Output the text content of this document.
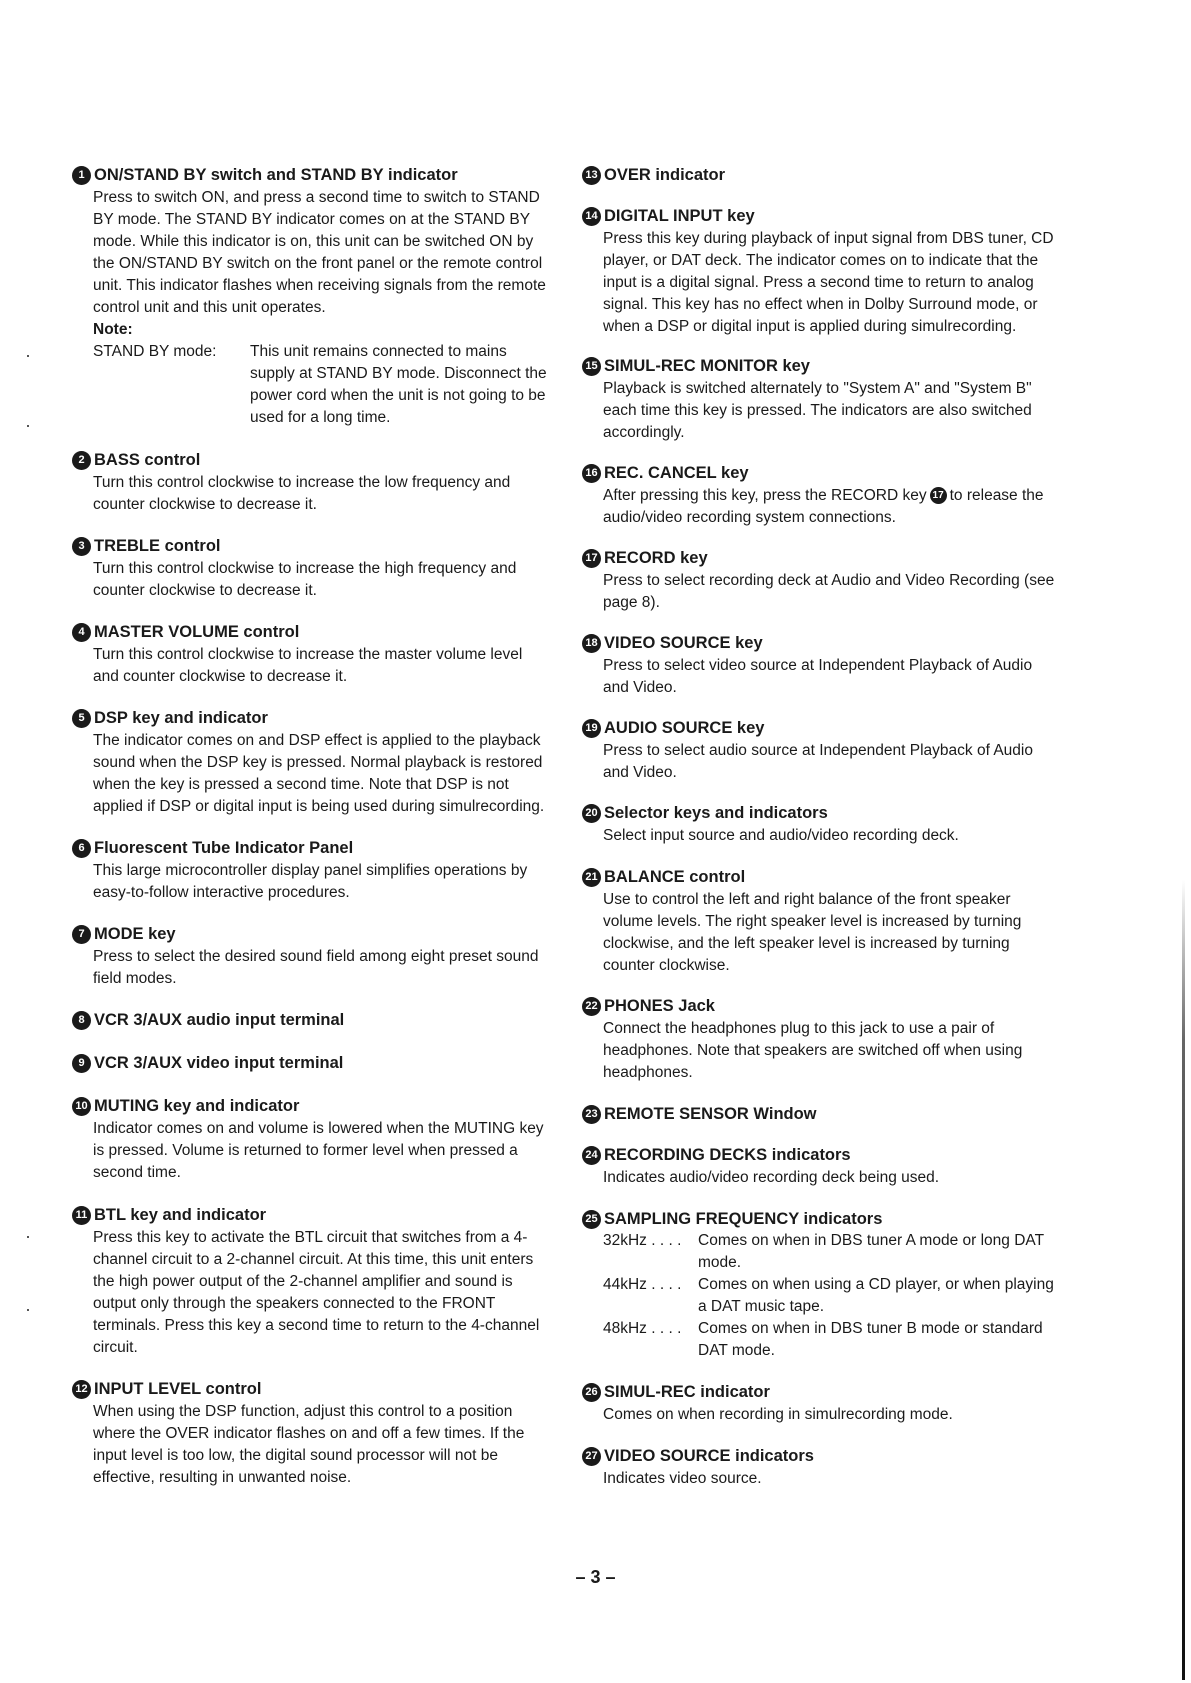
1 ON/STAND BY switch and STAND BY indicator
Press to switch ON, and press a second time to switch to STAND BY mode. The STAND BY indicator comes on at the STAND BY mode. While this indicator is on, this unit can be switched ON by the ON/STAND BY switch on the front panel or the remote control unit. This indicator flashes when receiving signals from the remote control unit and this unit operates.
Note:
STAND BY mode:	This unit remains connected to mains supply at STAND BY mode. Disconnect the power cord when the unit is not going to be used for a long time.
2 BASS control
Turn this control clockwise to increase the low frequency and counter clockwise to decrease it.
3 TREBLE control
Turn this control clockwise to increase the high frequency and counter clockwise to decrease it.
4 MASTER VOLUME control
Turn this control clockwise to increase the master volume level and counter clockwise to decrease it.
5 DSP key and indicator
The indicator comes on and DSP effect is applied to the playback sound when the DSP key is pressed. Normal playback is restored when the key is pressed a second time. Note that DSP is not applied if DSP or digital input is being used during simulrecording.
6 Fluorescent Tube Indicator Panel
This large microcontroller display panel simplifies operations by easy-to-follow interactive procedures.
7 MODE key
Press to select the desired sound field among eight preset sound field modes.
8 VCR 3/AUX audio input terminal
9 VCR 3/AUX video input terminal
10 MUTING key and indicator
Indicator comes on and volume is lowered when the MUTING key is pressed. Volume is returned to former level when pressed a second time.
11 BTL key and indicator
Press this key to activate the BTL circuit that switches from a 4-channel circuit to a 2-channel circuit. At this time, this unit enters the high power output of the 2-channel amplifier and sound is output only through the speakers connected to the FRONT terminals. Press this key a second time to return to the 4-channel circuit.
12 INPUT LEVEL control
When using the DSP function, adjust this control to a position where the OVER indicator flashes on and off a few times. If the input level is too low, the digital sound processor will not be effective, resulting in unwanted noise.
13 OVER indicator
14 DIGITAL INPUT key
Press this key during playback of input signal from DBS tuner, CD player, or DAT deck. The indicator comes on to indicate that the input is a digital signal. Press a second time to return to analog signal. This key has no effect when in Dolby Surround mode, or when a DSP or digital input is applied during simulrecording.
15 SIMUL-REC MONITOR key
Playback is switched alternately to "System A" and "System B" each time this key is pressed. The indicators are also switched accordingly.
16 REC. CANCEL key
After pressing this key, press the RECORD key 17 to release the audio/video recording system connections.
17 RECORD key
Press to select recording deck at Audio and Video Recording (see page 8).
18 VIDEO SOURCE key
Press to select video source at Independent Playback of Audio and Video.
19 AUDIO SOURCE key
Press to select audio source at Independent Playback of Audio and Video.
20 Selector keys and indicators
Select input source and audio/video recording deck.
21 BALANCE control
Use to control the left and right balance of the front speaker volume levels. The right speaker level is increased by turning clockwise, and the left speaker level is increased by turning counter clockwise.
22 PHONES Jack
Connect the headphones plug to this jack to use a pair of headphones. Note that speakers are switched off when using headphones.
23 REMOTE SENSOR Window
24 RECORDING DECKS indicators
Indicates audio/video recording deck being used.
25 SAMPLING FREQUENCY indicators
32kHz . . . .	Comes on when in DBS tuner A mode or long DAT mode.
44kHz . . . .	Comes on when using a CD player, or when playing a DAT music tape.
48kHz . . . .	Comes on when in DBS tuner B mode or standard DAT mode.
26 SIMUL-REC indicator
Comes on when recording in simulrecording mode.
27 VIDEO SOURCE indicators
Indicates video source.
– 3 –
